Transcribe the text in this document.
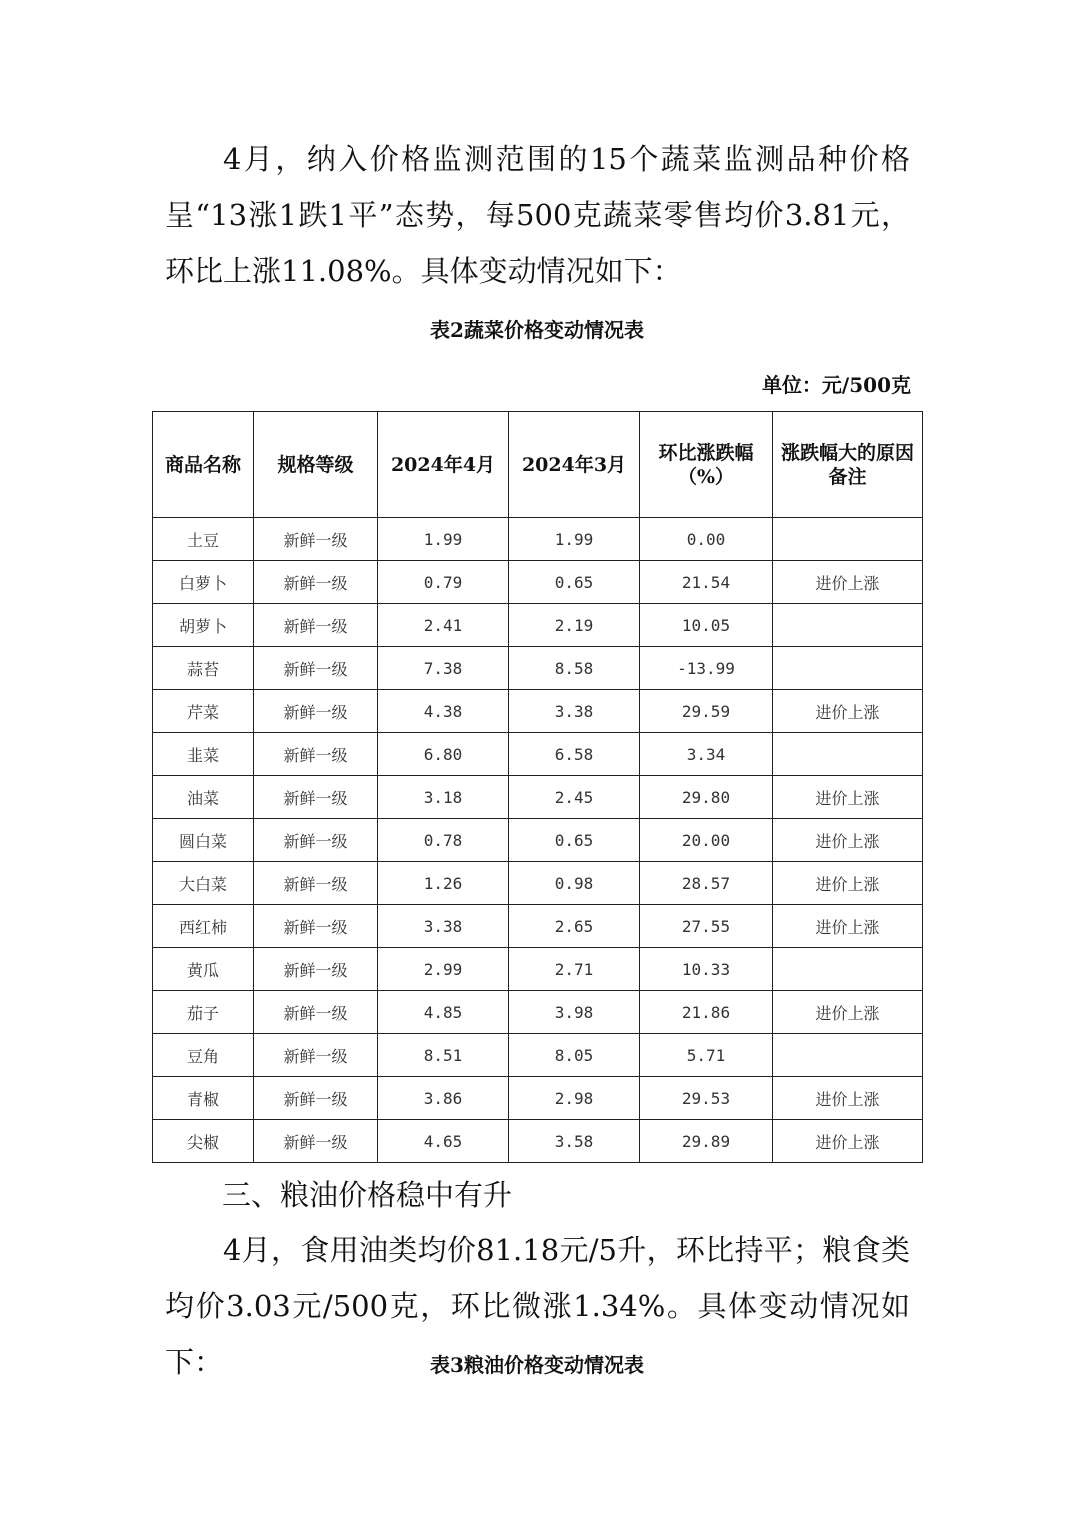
4月，纳入价格监测范围的15个蔬菜监测品种价格呈“13涨1跌1平”态势，每500克蔬菜零售均价3.81元，环比上涨11.08%。具体变动情况如下：

表2蔬菜价格变动情况表

单位：元/500克

商品名称	规格等级	2024年4月	2024年3月	环比涨跌幅（%）	涨跌幅大的原因备注
土豆	新鲜一级	1.99	1.99	0.00	
白萝卜	新鲜一级	0.79	0.65	21.54	进价上涨
胡萝卜	新鲜一级	2.41	2.19	10.05	
蒜苔	新鲜一级	7.38	8.58	-13.99	
芹菜	新鲜一级	4.38	3.38	29.59	进价上涨
韭菜	新鲜一级	6.80	6.58	3.34	
油菜	新鲜一级	3.18	2.45	29.80	进价上涨
圆白菜	新鲜一级	0.78	0.65	20.00	进价上涨
大白菜	新鲜一级	1.26	0.98	28.57	进价上涨
西红柿	新鲜一级	3.38	2.65	27.55	进价上涨
黄瓜	新鲜一级	2.99	2.71	10.33	
茄子	新鲜一级	4.85	3.98	21.86	进价上涨
豆角	新鲜一级	8.51	8.05	5.71	
青椒	新鲜一级	3.86	2.98	29.53	进价上涨
尖椒	新鲜一级	4.65	3.58	29.89	进价上涨

三、粮油价格稳中有升

4月，食用油类均价81.18元/5升，环比持平；粮食类均价3.03元/500克，环比微涨1.34%。具体变动情况如下：	表3粮油价格变动情况表
